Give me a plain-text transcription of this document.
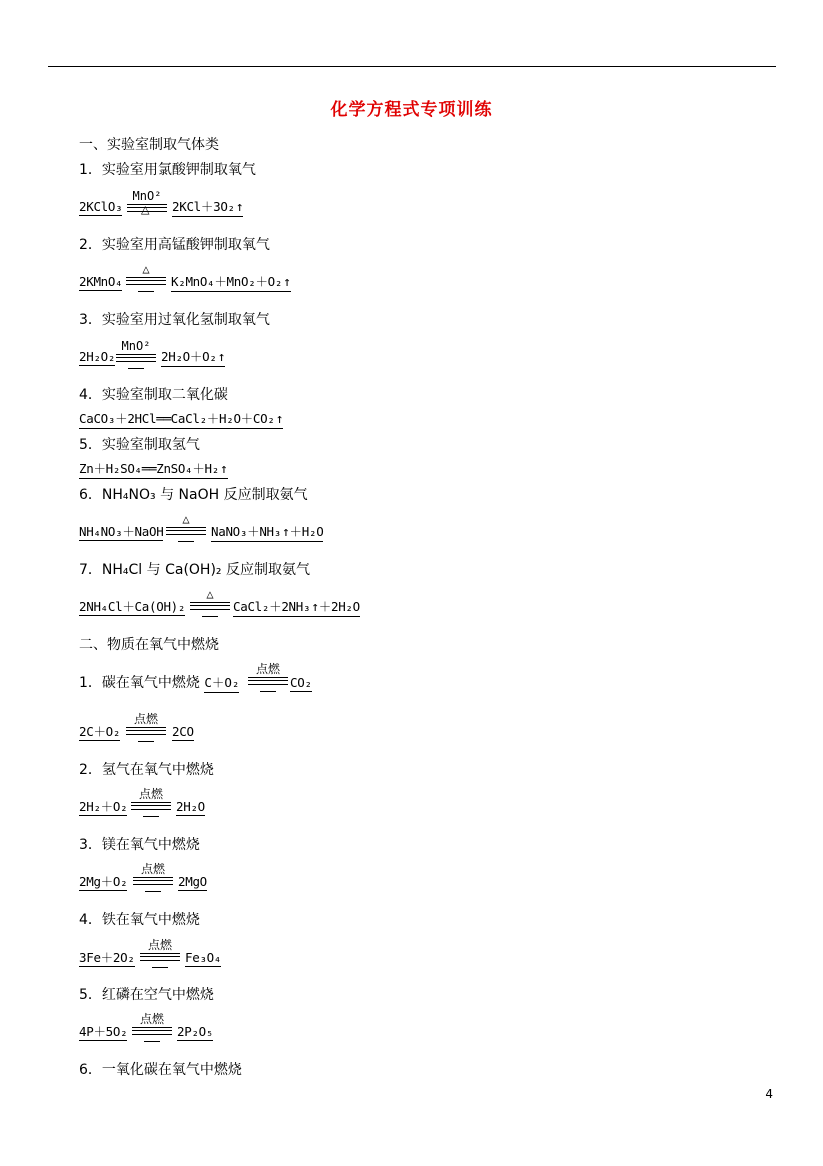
化学方程式专项训练
一、实验室制取气体类
1．实验室用氯酸钾制取氧气
2KClO₃
MnO²
△ 2KCl＋3O₂↑
2．实验室用高锰酸钾制取氧气
2KMnO₄
△
K₂MnO₄＋MnO₂＋O₂↑
3．实验室用过氧化氢制取氧气
2H₂O₂
MnO²
2H₂O＋O₂↑
4．实验室制取二氧化碳
CaCO₃＋2HCl══CaCl₂＋H₂O＋CO₂↑
5．实验室制取氢气
Zn＋H₂SO₄══ZnSO₄＋H₂↑
6．NH₄NO₃ 与 NaOH 反应制取氨气
NH₄NO₃＋NaOH
△
NaNO₃＋NH₃↑＋H₂O
7．NH₄Cl 与 Ca(OH)₂ 反应制取氨气
2NH₄Cl＋Ca(OH)₂
△
CaCl₂＋2NH₃↑＋2H₂O
二、物质在氧气中燃烧
1．碳在氧气中燃烧 C＋O₂
点燃
CO₂
2C＋O₂
点燃
2CO
2．氢气在氧气中燃烧
2H₂＋O₂
点燃
2H₂O
3．镁在氧气中燃烧
2Mg＋O₂
点燃
2MgO
4．铁在氧气中燃烧
3Fe＋2O₂
点燃
Fe₃O₄
5．红磷在空气中燃烧
4P＋5O₂
点燃
2P₂O₅
6．一氧化碳在氧气中燃烧
4
